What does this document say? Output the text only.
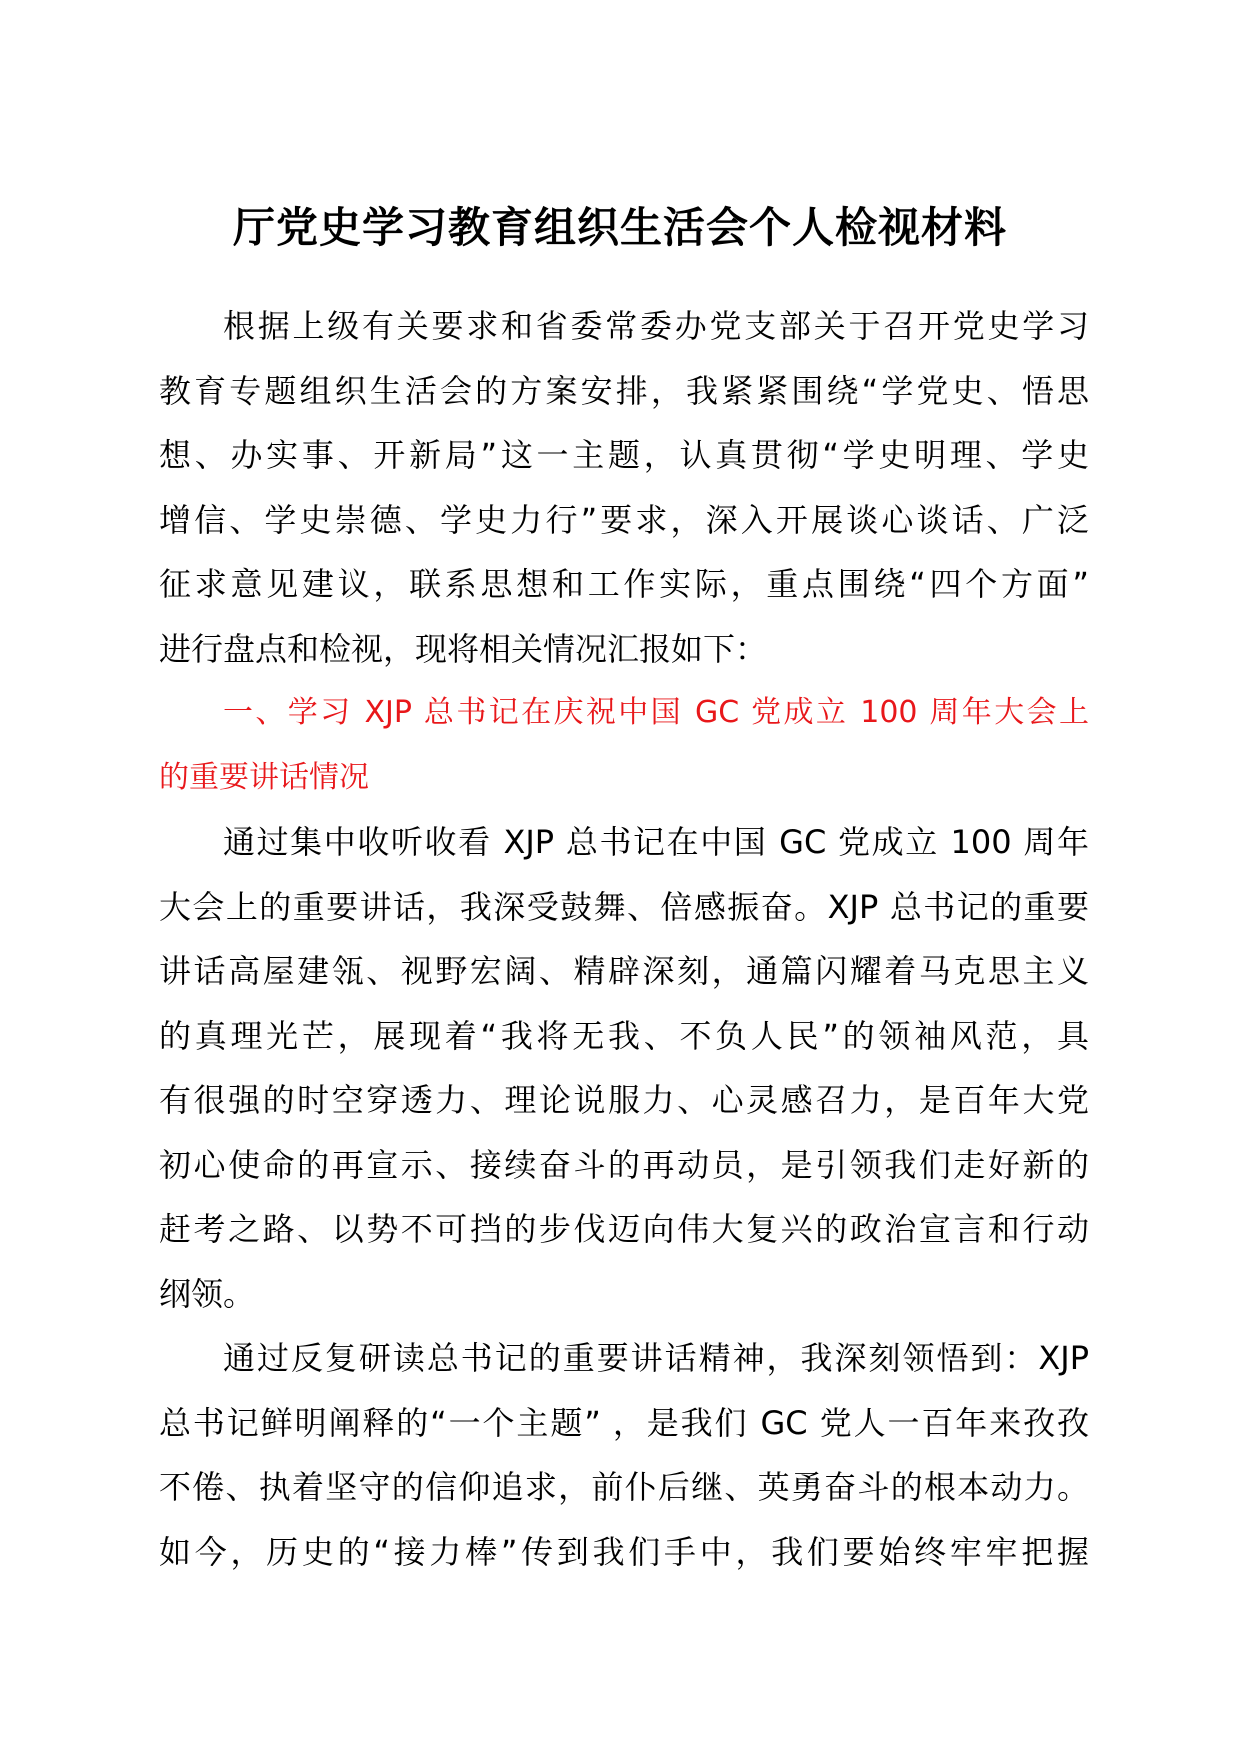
厅党史学习教育组织生活会个人检视材料
根据上级有关要求和省委常委办党支部关于召开党史学习
教育专题组织生活会的方案安排，我紧紧围绕“学党史、悟思
想、办实事、开新局”这一主题，认真贯彻“学史明理、学史
增信、学史崇德、学史力行”要求，深入开展谈心谈话、广泛
征求意见建议，联系思想和工作实际，重点围绕“四个方面”
进行盘点和检视，现将相关情况汇报如下：
一、学习 XJP 总书记在庆祝中国 GC 党成立 100 周年大会上
的重要讲话情况
通过集中收听收看 XJP 总书记在中国 GC 党成立 100 周年
大会上的重要讲话，我深受鼓舞、倍感振奋。XJP 总书记的重要
讲话高屋建瓴、视野宏阔、精辟深刻，通篇闪耀着马克思主义
的真理光芒，展现着“我将无我、不负人民”的领袖风范，具
有很强的时空穿透力、理论说服力、心灵感召力，是百年大党
初心使命的再宣示、接续奋斗的再动员，是引领我们走好新的
赶考之路、以势不可挡的步伐迈向伟大复兴的政治宣言和行动
纲领。
通过反复研读总书记的重要讲话精神，我深刻领悟到：XJP
总书记鲜明阐释的“一个主题” ，是我们 GC 党人一百年来孜孜
不倦、执着坚守的信仰追求，前仆后继、英勇奋斗的根本动力。
如今，历史的“接力棒”传到我们手中，我们要始终牢牢把握
